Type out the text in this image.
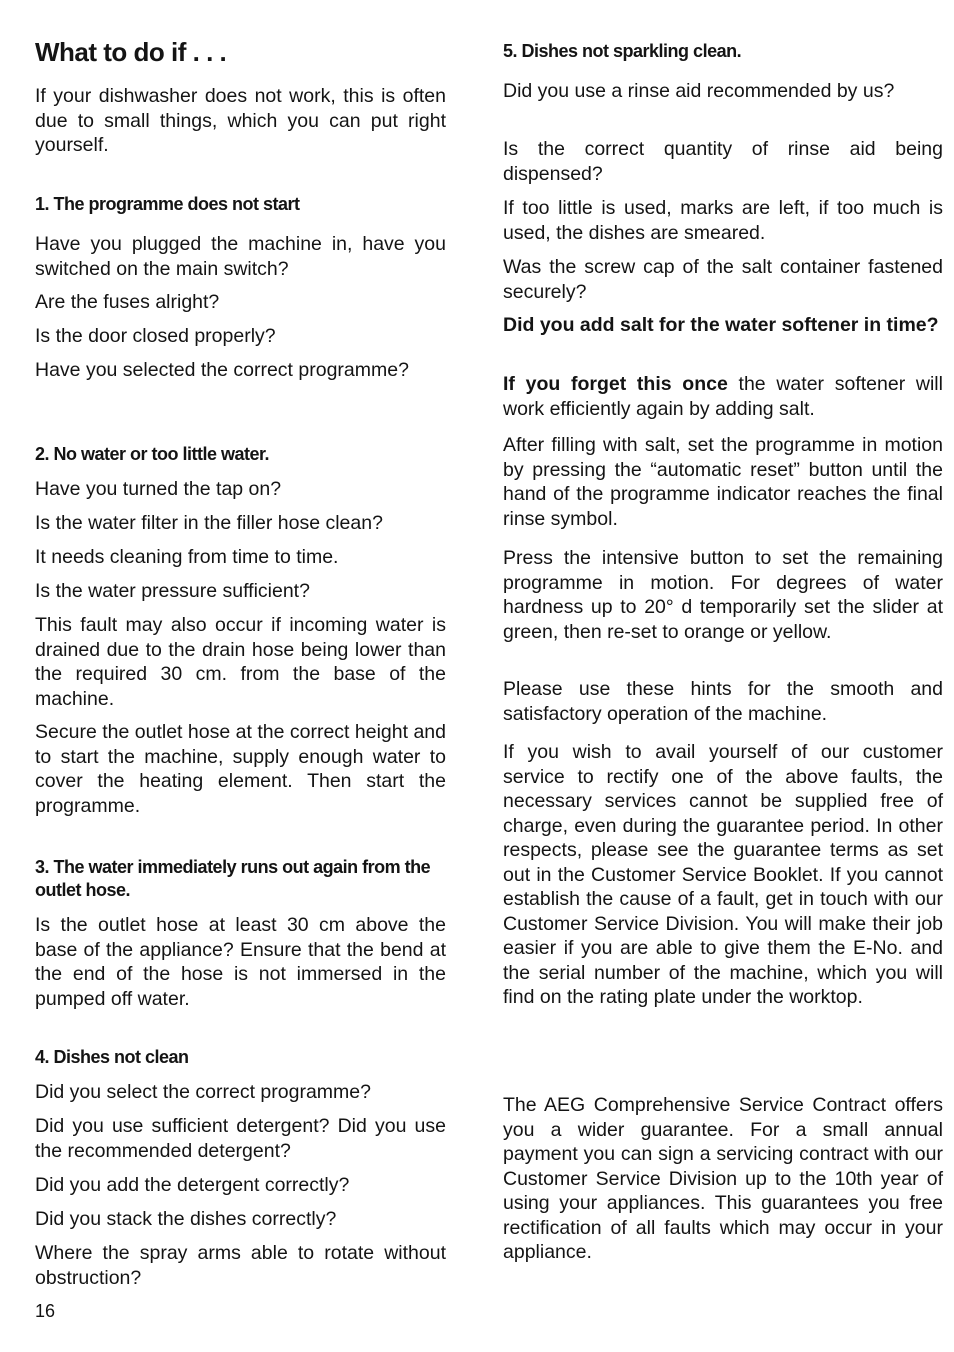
What to do if . . .

If your dishwasher does not work, this is often due to small things, which you can put right yourself.

1. The programme does not start

Have you plugged the machine in, have you switched on the main switch?

Are the fuses alright?

Is the door closed properly?

Have you selected the correct programme?

2. No water or too little water.

Have you turned the tap on?

Is the water filter in the filler hose clean?

It needs cleaning from time to time.

Is the water pressure sufficient?

This fault may also occur if incoming water is drained due to the drain hose being lower than the required 30 cm. from the base of the machine.

Secure the outlet hose at the correct height and to start the machine, supply enough water to cover the heating element. Then start the programme.

3. The water immediately runs out again from the outlet hose.

Is the outlet hose at least 30 cm above the base of the appliance? Ensure that the bend at the end of the hose is not immersed in the pumped off water.

4. Dishes not clean

Did you select the correct programme?

Did you use sufficient detergent? Did you use the recommended detergent?

Did you add the detergent correctly?

Did you stack the dishes correctly?

Where the spray arms able to rotate without obstruction?

5. Dishes not sparkling clean.

Did you use a rinse aid recommended by us?

Is the correct quantity of rinse aid being dispensed?

If too little is used, marks are left, if too much is used, the dishes are smeared.

Was the screw cap of the salt container fastened securely?

Did you add salt for the water softener in time?

If you forget this once the water softener will work efficiently again by adding salt.

After filling with salt, set the programme in motion by pressing the “automatic reset” button until the hand of the programme indicator reaches the final rinse symbol.

Press the intensive button to set the remaining programme in motion. For degrees of water hardness up to 20° d temporarily set the slider at green, then re-set to orange or yellow.

Please use these hints for the smooth and satisfactory operation of the machine.

If you wish to avail yourself of our customer service to rectify one of the above faults, the necessary services cannot be supplied free of charge, even during the guarantee period. In other respects, please see the guarantee terms as set out in the Customer Service Booklet. If you cannot establish the cause of a fault, get in touch with our Customer Service Division. You will make their job easier if you are able to give them the E-No. and the serial number of the machine, which you will find on the rating plate under the worktop.

The AEG Comprehensive Service Contract offers you a wider guarantee. For a small annual payment you can sign a servicing contract with our Customer Service Division up to the 10th year of using your appliances. This guarantees you free rectification of all faults which may occur in your appliance.

16
